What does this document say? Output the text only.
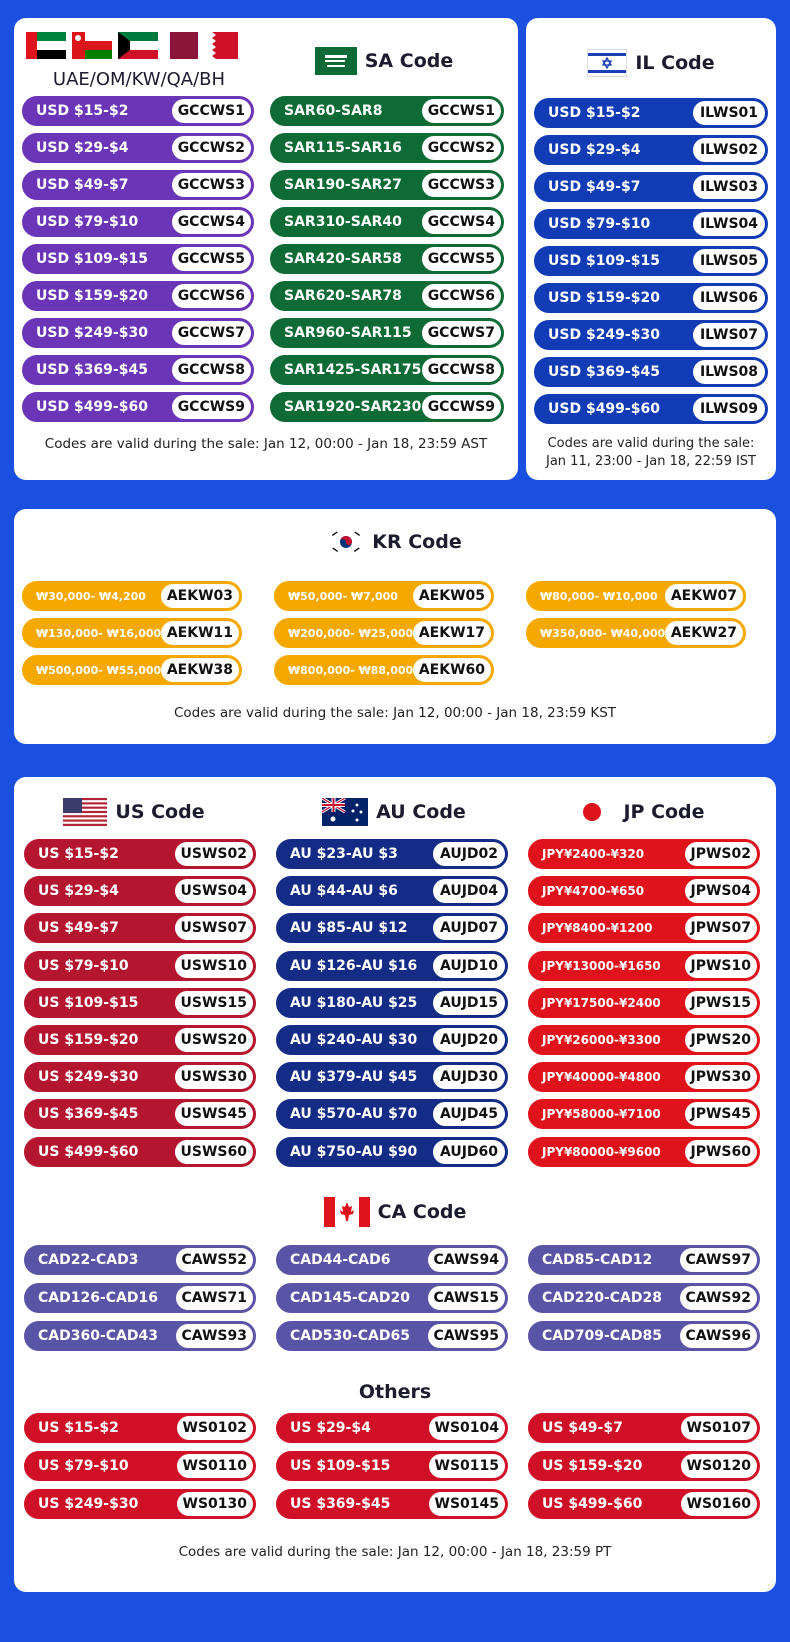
UAE/OM/KW/QA/BH
SA Code
USD $15-$2	GCCWS1
USD $29-$4	GCCWS2
USD $49-$7	GCCWS3
USD $79-$10	GCCWS4
USD $109-$15	GCCWS5
USD $159-$20	GCCWS6
USD $249-$30	GCCWS7
USD $369-$45	GCCWS8
USD $499-$60	GCCWS9
SAR60-SAR8	GCCWS1
SAR115-SAR16	GCCWS2
SAR190-SAR27	GCCWS3
SAR310-SAR40	GCCWS4
SAR420-SAR58	GCCWS5
SAR620-SAR78	GCCWS6
SAR960-SAR115	GCCWS7
SAR1425-SAR175 GCCWS8
SAR1920-SAR230 GCCWS9
Codes are valid during the sale: Jan 12, 00:00 - Jan 18, 23:59 AST
IL Code
USD $15-$2	ILWS01
USD $29-$4	ILWS02
USD $49-$7	ILWS03
USD $79-$10	ILWS04
USD $109-$15	ILWS05
USD $159-$20	ILWS06
USD $249-$30	ILWS07
USD $369-$45	ILWS08
USD $499-$60	ILWS09
Codes are valid during the sale:
Jan 11, 23:00 - Jan 18, 22:59 IST
KR Code
₩30,000- ₩4,200	AEKW03	₩50,000- ₩7,000	AEKW05	₩80,000- ₩10,000 AEKW07
₩130,000- ₩16,000 AEKW11	₩200,000- ₩25,000 AEKW17	₩350,000- ₩40,000 AEKW27
₩500,000- ₩55,000 AEKW38	₩800,000- ₩88,000 AEKW60
Codes are valid during the sale: Jan 12, 00:00 - Jan 18, 23:59 KST
US Code	AU Code	JP Code
US $15-$2	USWS02
US $29-$4	USWS04
US $49-$7	USWS07
US $79-$10	USWS10
US $109-$15	USWS15
US $159-$20	USWS20
US $249-$30	USWS30
US $369-$45	USWS45
US $499-$60	USWS60
AU $23-AU $3	AUJD02
AU $44-AU $6	AUJD04
AU $85-AU $12	AUJD07
AU $126-AU $16	AUJD10
AU $180-AU $25	AUJD15
AU $240-AU $30	AUJD20
AU $379-AU $45	AUJD30
AU $570-AU $70	AUJD45
AU $750-AU $90	AUJD60
JPY¥2400-¥320	JPWS02
JPY¥4700-¥650	JPWS04
JPY¥8400-¥1200	JPWS07
JPY¥13000-¥1650	JPWS10
JPY¥17500-¥2400	JPWS15
JPY¥26000-¥3300	JPWS20
JPY¥40000-¥4800	JPWS30
JPY¥58000-¥7100	JPWS45
JPY¥80000-¥9600	JPWS60
CA Code
CAD22-CAD3	CAWS52	CAD44-CAD6	CAWS94	CAD85-CAD12	CAWS97
CAD126-CAD16	CAWS71	CAD145-CAD20	CAWS15	CAD220-CAD28	CAWS92
CAD360-CAD43	CAWS93	CAD530-CAD65	CAWS95	CAD709-CAD85	CAWS96
Others
US $15-$2	WS0102	US $29-$4	WS0104	US $49-$7	WS0107
US $79-$10	WS0110	US $109-$15	WS0115	US $159-$20	WS0120
US $249-$30	WS0130	US $369-$45	WS0145	US $499-$60	WS0160
Codes are valid during the sale: Jan 12, 00:00 - Jan 18, 23:59 PT
